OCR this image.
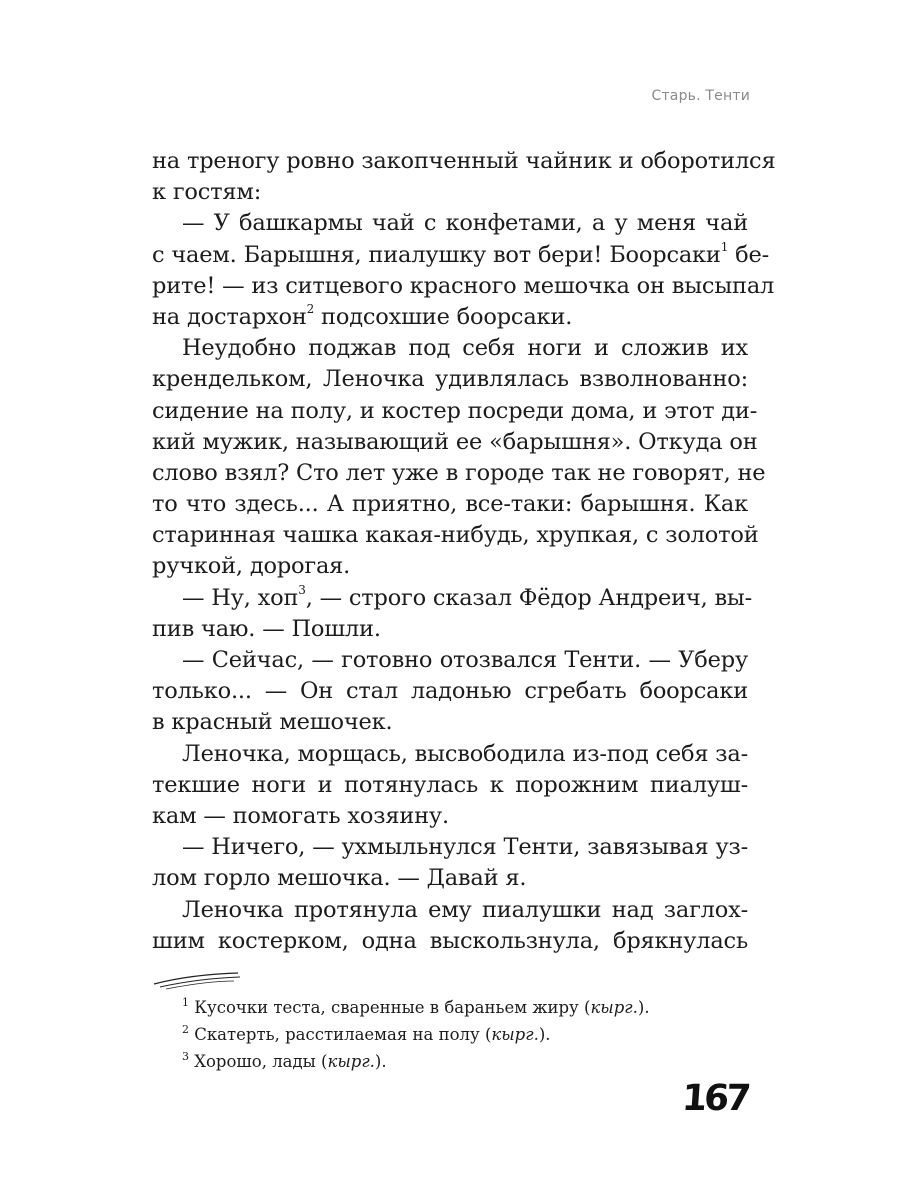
Старь. Тенти
на треногу ровно закопченный чайник и оборотился
к гостям:
— У башкармы чай с конфетами, а у меня чай
с чаем. Барышня, пиалушку вот бери! Боорсаки$^1$ бе-
рите! — из ситцевого красного мешочка он высыпал
на достархон$^2$ подсохшие боорсаки.
Неудобно поджав под себя ноги и сложив их
крендельком, Леночка удивлялась взволнованно:
сидение на полу, и костер посреди дома, и этот ди-
кий мужик, называющий ее «барышня». Откуда он
слово взял? Сто лет уже в городе так не говорят, не
то что здесь... А приятно, все-таки: барышня. Как
старинная чашка какая-нибудь, хрупкая, с золотой
ручкой, дорогая.
— Ну, хоп$^3$, — строго сказал Фёдор Андреич, вы-
пив чаю. — Пошли.
— Сейчас, — готовно отозвался Тенти. — Уберу
только... — Он стал ладонью сгребать боорсаки
в красный мешочек.
Леночка, морщась, высвободила из-под себя за-
текшие ноги и потянулась к порожним пиалуш-
кам — помогать хозяину.
— Ничего, — ухмыльнулся Тенти, завязывая уз-
лом горло мешочка. — Давай я.
Леночка протянула ему пиалушки над заглох-
шим костерком, одна выскользнула, брякнулась
$^1$ Кусочки теста, сваренные в бараньем жиру (кырг.).
$^2$ Скатерть, расстилаемая на полу (кырг.).
$^3$ Хорошо, лады (кырг.).
167
